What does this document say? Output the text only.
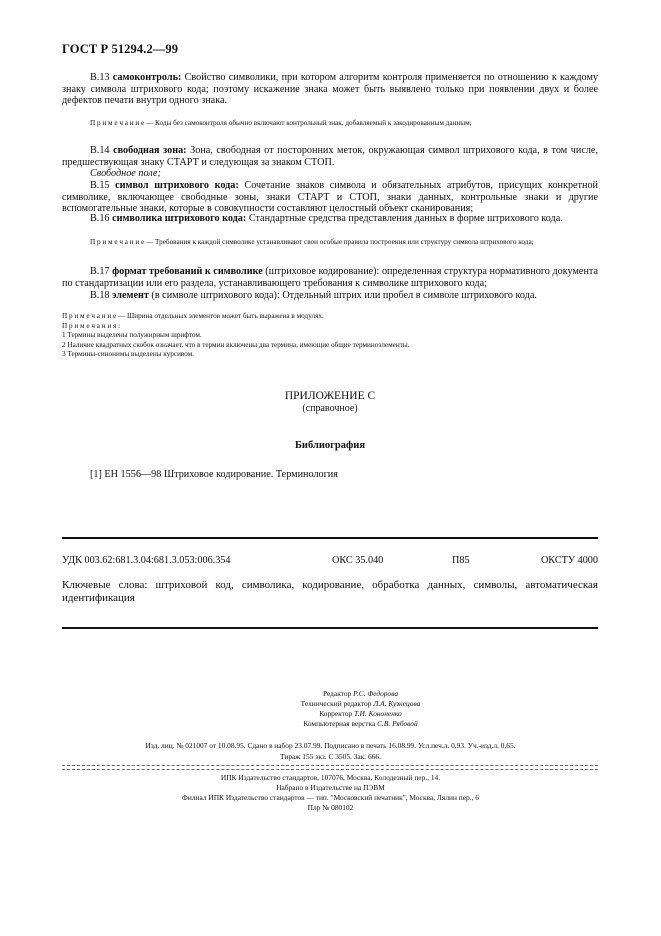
ГОСТ Р 51294.2—99
B.13 самоконтроль: Свойство символики, при котором алгоритм контроля применяется по отношению к каждому знаку символа штрихового кода; поэтому искажение знака может быть выявлено только при появлении двух и более дефектов печати внутри одного знака.
П р и м е ч а н и е — Коды без самоконтроля обычно включают контрольный знак, добавляемый к закодированным данным;
B.14 свободная зона: Зона, свободная от посторонних меток, окружающая символ штрихового кода, в том числе, предшествующая знаку СТАРТ и следующая за знаком СТОП.
Свободное поле;
B.15 символ штрихового кода: Сочетание знаков символа и обязательных атрибутов, присущих конкретной символике, включающее свободные зоны, знаки СТАРТ и СТОП, знаки данных, контрольные знаки и другие вспомогательные знаки, которые в совокупности составляют целостный объект сканирования;
B.16 символика штрихового кода: Стандартные средства представления данных в форме штрихового кода.
П р и м е ч а н и е — Требования к каждой символике устанавливают свои особые правила построения или структуру символа штрихового кода;
B.17 формат требований к символике (штриховое кодирование): определенная структура нормативного документа по стандартизации или его раздела, устанавливающего требования к символике штрихового кода;
B.18 элемент (в символе штрихового кода): Отдельный штрих или пробел в символе штрихового кода.
П р и м е ч а н и е — Ширина отдельных элементов может быть выражена в модулях.
П р и м е ч а н и я :
1 Термины выделены полужирным шрифтом.
2 Наличие квадратных скобок означает, что в термин включены два термина, имеющие общие терминоэлементы.
3 Термины-синонимы выделены курсивом.
ПРИЛОЖЕНИЕ С
(справочное)
Библиография
[1] ЕН 1556—98 Штриховое кодирование. Терминология
УДК 003.62:681.3.04:681.3.053:006.354	ОКС 35.040	П85	ОКСТУ 4000
Ключевые слова: штриховой код, символика, кодирование, обработка данных, символы, автоматическая идентификация
Редактор Р.С. Федорова
Технический редактор Л.А. Кузнецова
Корректор Т.И. Кононенко
Компьютерная верстка С.В. Рябовой
Изд. лиц. № 021007 от 10.08.95. Сдано в набор 23.07.99. Подписано в печать 16.08.99. Усл.печ.л. 0,93. Уч.-изд.л. 0,65.
Тираж 155 экз. С 3505. Зак. 666.
ИПК Издательство стандартов, 107076, Москва, Колодезный пер., 14.
Набрано в Издательстве на ПЭВМ
Филиал ИПК Издательство стандартов — тип. "Московский печатник", Москва, Лялин пер., 6
Плр № 080102
